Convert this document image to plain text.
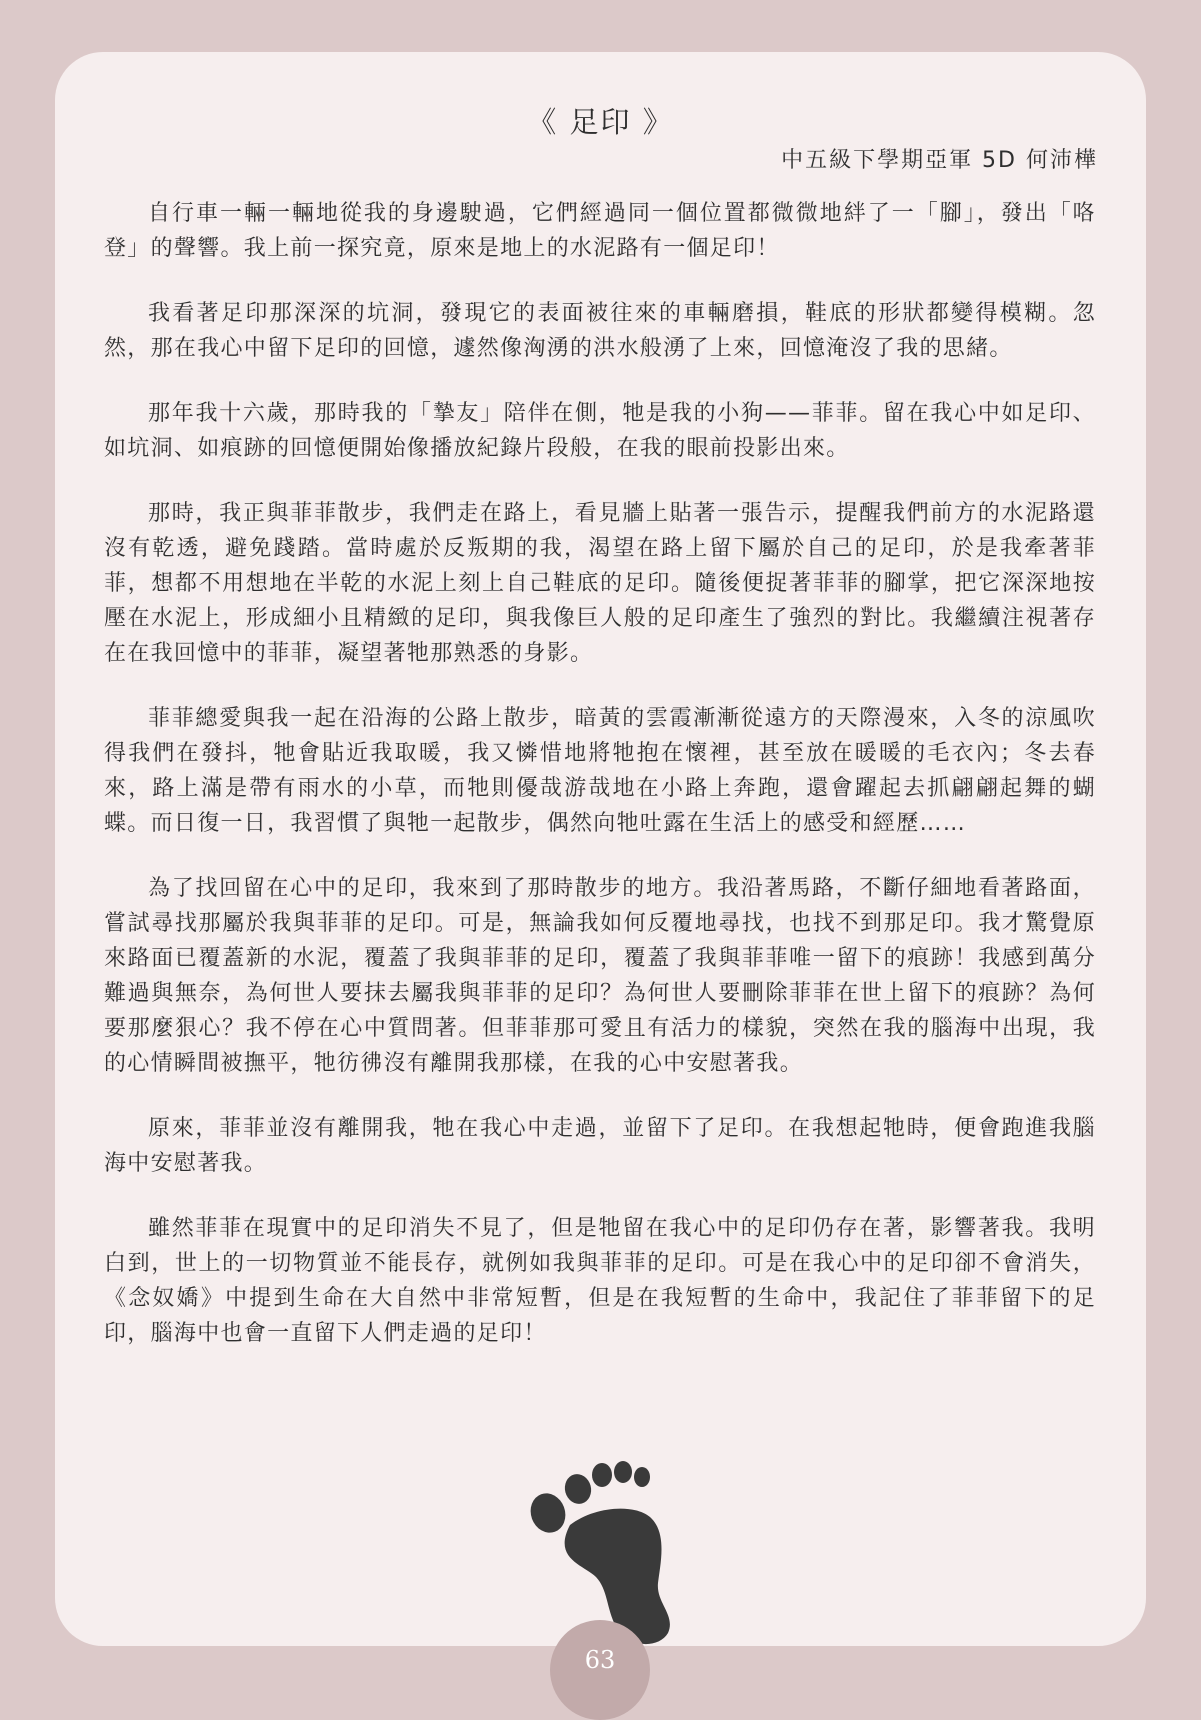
《 足印 》
中五級下學期亞軍 5D 何沛樺

自行車一輛一輛地從我的身邊駛過，它們經過同一個位置都微微地絆了一「腳」，發出「咯登」的聲響。我上前一探究竟，原來是地上的水泥路有一個足印！

我看著足印那深深的坑洞，發現它的表面被往來的車輛磨損，鞋底的形狀都變得模糊。忽然，那在我心中留下足印的回憶，遽然像洶湧的洪水般湧了上來，回憶淹沒了我的思緒。

那年我十六歲，那時我的「摯友」陪伴在側，牠是我的小狗——菲菲。留在我心中如足印、如坑洞、如痕跡的回憶便開始像播放紀錄片段般，在我的眼前投影出來。

那時，我正與菲菲散步，我們走在路上，看見牆上貼著一張告示，提醒我們前方的水泥路還沒有乾透，避免踐踏。當時處於反叛期的我，渴望在路上留下屬於自己的足印，於是我牽著菲菲，想都不用想地在半乾的水泥上刻上自己鞋底的足印。隨後便捉著菲菲的腳掌，把它深深地按壓在水泥上，形成細小且精緻的足印，與我像巨人般的足印產生了強烈的對比。我繼續注視著存在在我回憶中的菲菲，凝望著牠那熟悉的身影。

菲菲總愛與我一起在沿海的公路上散步，暗黃的雲霞漸漸從遠方的天際漫來，入冬的涼風吹得我們在發抖，牠會貼近我取暖，我又憐惜地將牠抱在懷裡，甚至放在暖暖的毛衣內；冬去春來，路上滿是帶有雨水的小草，而牠則優哉游哉地在小路上奔跑，還會躍起去抓翩翩起舞的蝴蝶。而日復一日，我習慣了與牠一起散步，偶然向牠吐露在生活上的感受和經歷……

為了找回留在心中的足印，我來到了那時散步的地方。我沿著馬路，不斷仔細地看著路面，嘗試尋找那屬於我與菲菲的足印。可是，無論我如何反覆地尋找，也找不到那足印。我才驚覺原來路面已覆蓋新的水泥，覆蓋了我與菲菲的足印，覆蓋了我與菲菲唯一留下的痕跡！我感到萬分難過與無奈，為何世人要抹去屬我與菲菲的足印？為何世人要刪除菲菲在世上留下的痕跡？為何要那麼狠心？我不停在心中質問著。但菲菲那可愛且有活力的樣貌，突然在我的腦海中出現，我的心情瞬間被撫平，牠彷彿沒有離開我那樣，在我的心中安慰著我。

原來，菲菲並沒有離開我，牠在我心中走過，並留下了足印。在我想起牠時，便會跑進我腦海中安慰著我。

雖然菲菲在現實中的足印消失不見了，但是牠留在我心中的足印仍存在著，影響著我。我明白到，世上的一切物質並不能長存，就例如我與菲菲的足印。可是在我心中的足印卻不會消失，《念奴嬌》中提到生命在大自然中非常短暫，但是在我短暫的生命中，我記住了菲菲留下的足印，腦海中也會一直留下人們走過的足印！

63
